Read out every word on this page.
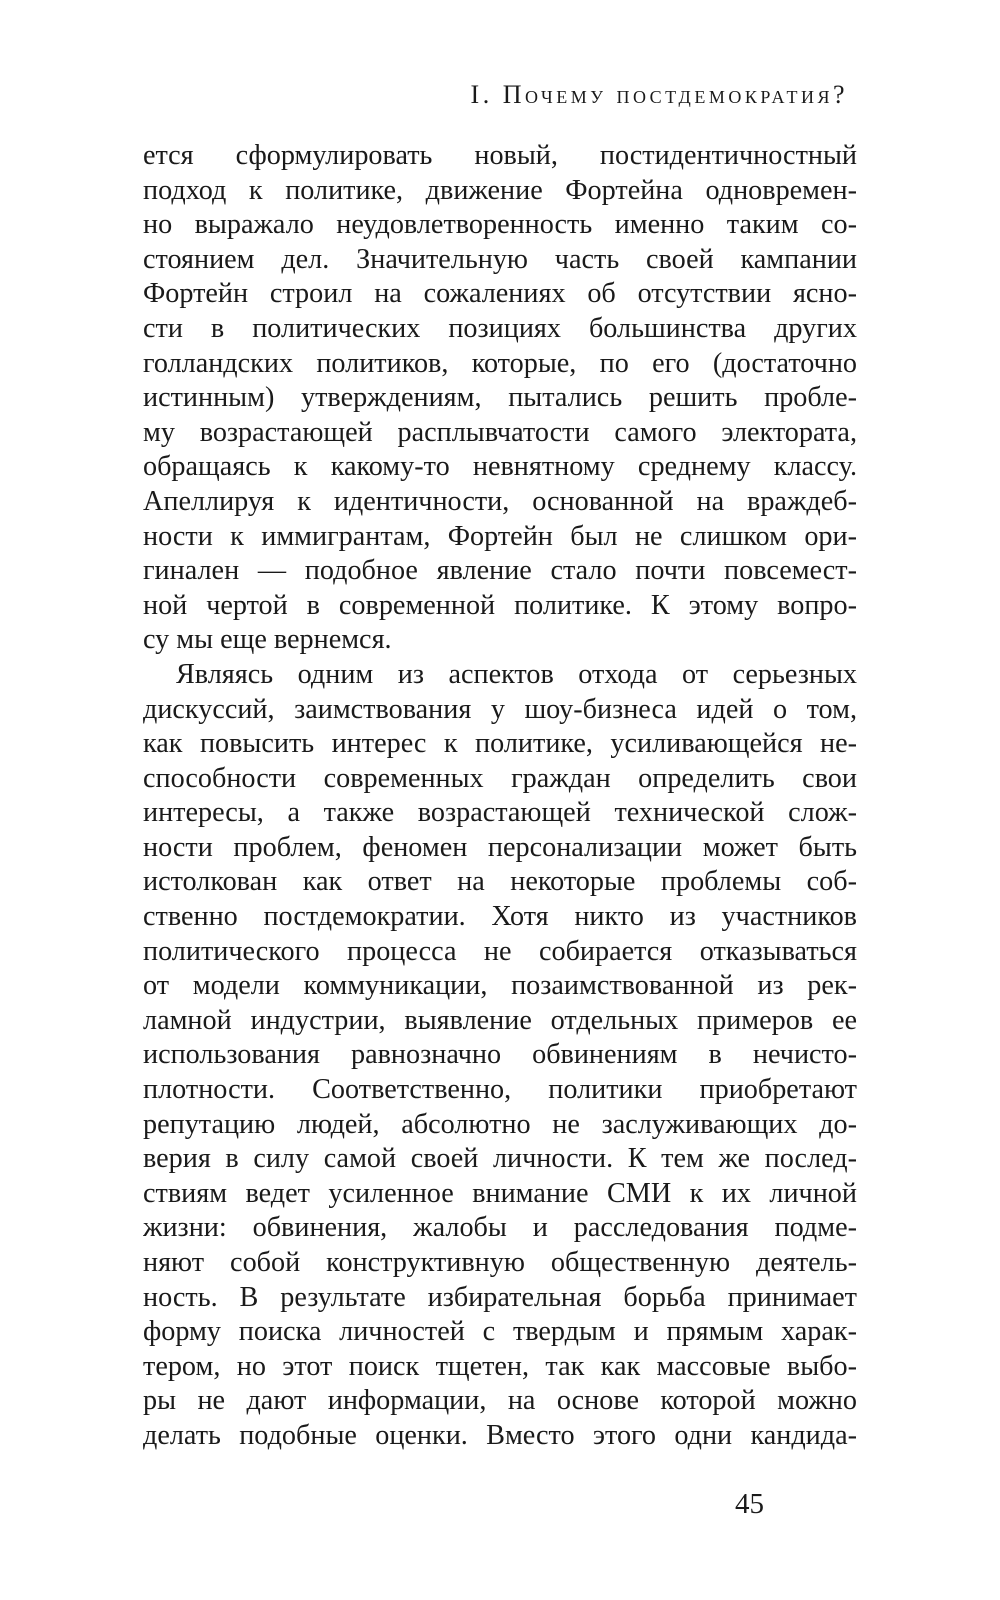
I. Почему постдемократия?
ется сформулировать новый, постидентичностный
подход к политике, движение Фортейна одновремен-
но выражало неудовлетворенность именно таким со-
стоянием дел. Значительную часть своей кампании
Фортейн строил на сожалениях об отсутствии ясно-
сти в политических позициях большинства других
голландских политиков, которые, по его (достаточно
истинным) утверждениям, пытались решить пробле-
му возрастающей расплывчатости самого электората,
обращаясь к какому-то невнятному среднему классу.
Апеллируя к идентичности, основанной на враждеб-
ности к иммигрантам, Фортейн был не слишком ори-
гинален — подобное явление стало почти повсемест-
ной чертой в современной политике. К этому вопро-
су мы еще вернемся.
Являясь одним из аспектов отхода от серьезных
дискуссий, заимствования у шоу-бизнеса идей о том,
как повысить интерес к политике, усиливающейся не-
способности современных граждан определить свои
интересы, а также возрастающей технической слож-
ности проблем, феномен персонализации может быть
истолкован как ответ на некоторые проблемы соб-
ственно постдемократии. Хотя никто из участников
политического процесса не собирается отказываться
от модели коммуникации, позаимствованной из рек-
ламной индустрии, выявление отдельных примеров ее
использования равнозначно обвинениям в нечисто-
плотности. Соответственно, политики приобретают
репутацию людей, абсолютно не заслуживающих до-
верия в силу самой своей личности. К тем же послед-
ствиям ведет усиленное внимание СМИ к их личной
жизни: обвинения, жалобы и расследования подме-
няют собой конструктивную общественную деятель-
ность. В результате избирательная борьба принимает
форму поиска личностей с твердым и прямым харак-
тером, но этот поиск тщетен, так как массовые выбо-
ры не дают информации, на основе которой можно
делать подобные оценки. Вместо этого одни кандида-
45
